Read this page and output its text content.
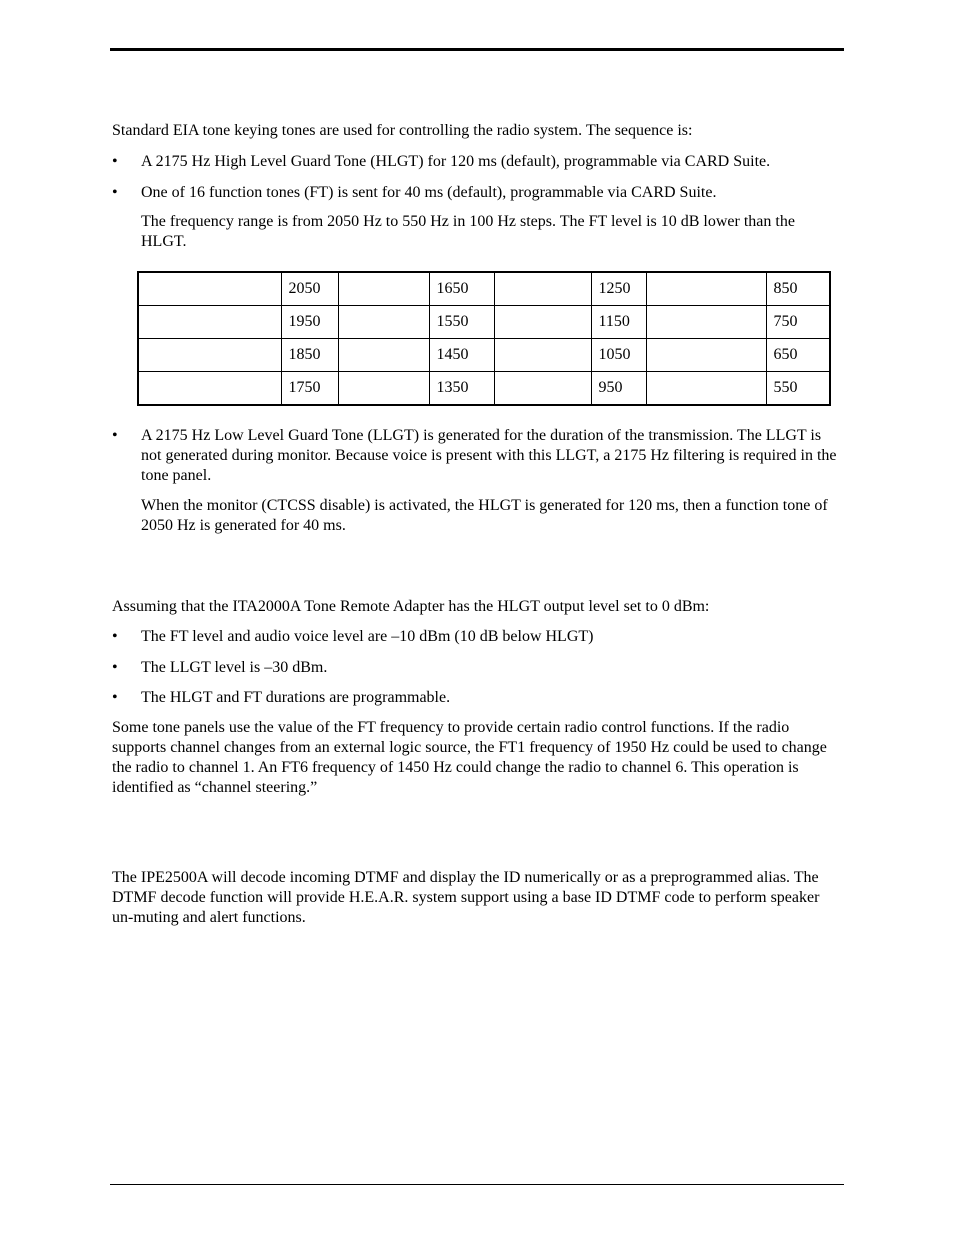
Standard EIA tone keying tones are used for controlling the radio system. The sequence is:

•	A 2175 Hz High Level Guard Tone (HLGT) for 120 ms (default), programmable via CARD Suite.
•	One of 16 function tones (FT) is sent for 40 ms (default), programmable via CARD Suite.

The frequency range is from 2050 Hz to 550 Hz in 100 Hz steps. The FT level is 10 dB lower than the HLGT.

	2050		1650		1250		850
	1950		1550		1150		750
	1850		1450		1050		650
	1750		1350		950		550
•	A 2175 Hz Low Level Guard Tone (LLGT) is generated for the duration of the transmission. The LLGT is not generated during monitor. Because voice is present with this LLGT, a 2175 Hz filtering is required in the tone panel.

When the monitor (CTCSS disable) is activated, the HLGT is generated for 120 ms, then a function tone of 2050 Hz is generated for 40 ms.

Assuming that the ITA2000A Tone Remote Adapter has the HLGT output level set to 0 dBm:

•	The FT level and audio voice level are –10 dBm (10 dB below HLGT)
•	The LLGT level is –30 dBm.
•	The HLGT and FT durations are programmable.

Some tone panels use the value of the FT frequency to provide certain radio control functions. If the radio supports channel changes from an external logic source, the FT1 frequency of 1950 Hz could be used to change the radio to channel 1. An FT6 frequency of 1450 Hz could change the radio to channel 6. This operation is identified as “channel steering.”

The IPE2500A will decode incoming DTMF and display the ID numerically or as a preprogrammed alias. The DTMF decode function will provide H.E.A.R. system support using a base ID DTMF code to perform speaker un-muting and alert functions.
